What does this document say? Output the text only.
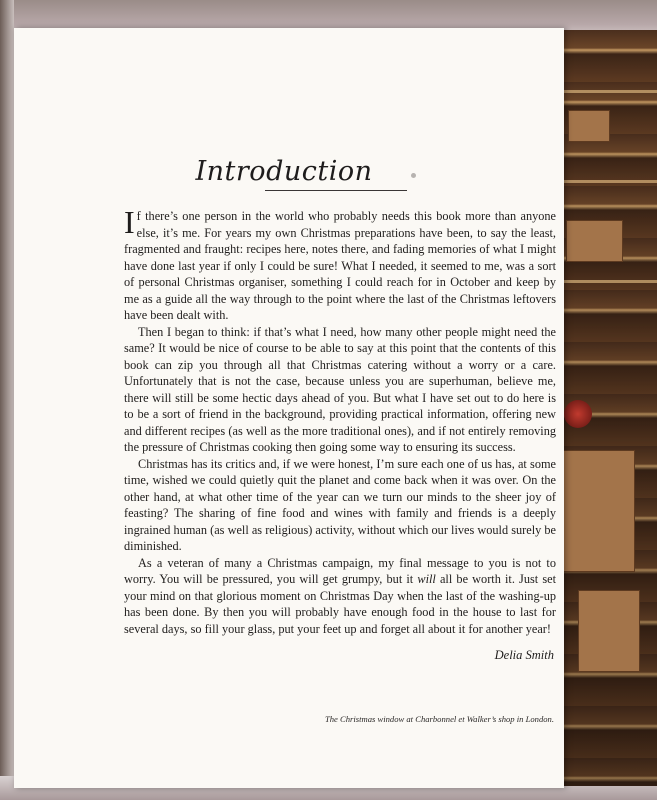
Introduction

If there’s one person in the world who probably needs this book more than anyone else, it’s me. For years my own Christmas preparations have been, to say the least, fragmented and fraught: recipes here, notes there, and fading memories of what I might have done last year if only I could be sure! What I needed, it seemed to me, was a sort of personal Christmas organiser, something I could reach for in October and keep by me as a guide all the way through to the point where the last of the Christmas leftovers have been dealt with.

Then I began to think: if that’s what I need, how many other people might need the same? It would be nice of course to be able to say at this point that the contents of this book can zip you through all that Christmas catering without a worry or a care. Unfortunately that is not the case, because unless you are superhuman, believe me, there will still be some hectic days ahead of you. But what I have set out to do here is to be a sort of friend in the background, providing practical information, offering new and different recipes (as well as the more traditional ones), and if not entirely removing the pressure of Christmas cooking then going some way to ensuring its success.

Christmas has its critics and, if we were honest, I’m sure each one of us has, at some time, wished we could quietly quit the planet and come back when it was over. On the other hand, at what other time of the year can we turn our minds to the sheer joy of feasting? The sharing of fine food and wines with family and friends is a deeply ingrained human (as well as religious) activity, without which our lives would surely be diminished.

As a veteran of many a Christmas campaign, my final message to you is not to worry. You will be pressured, you will get grumpy, but it will all be worth it. Just set your mind on that glorious moment on Christmas Day when the last of the washing-up has been done. By then you will probably have enough food in the house to last for several days, so fill your glass, put your feet up and forget all about it for another year!

Delia Smith
The Christmas window at Charbonnel et Walker’s shop in London.
